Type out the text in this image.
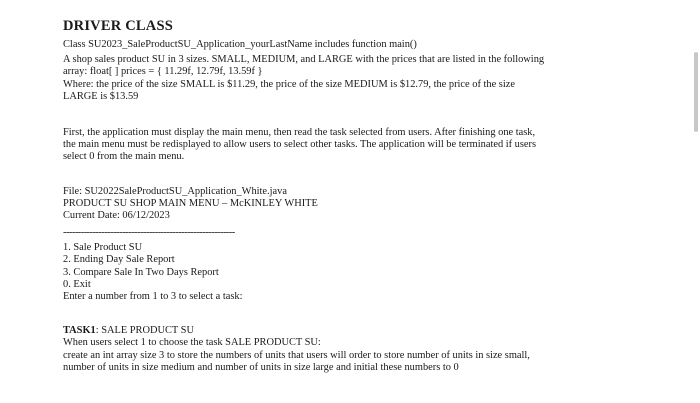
DRIVER CLASS
Class SU2023_SaleProductSU_Application_yourLastName includes function main()
A shop sales product SU in 3 sizes. SMALL, MEDIUM, and LARGE with the prices that are listed in the following
array: float[ ] prices = { 11.29f, 12.79f, 13.59f }
Where: the price of the size SMALL is $11.29, the price of the size MEDIUM is $12.79, the price of the size
LARGE is $13.59
First, the application must display the main menu, then read the task selected from users. After finishing one task,
the main menu must be redisplayed to allow users to select other tasks. The application will be terminated if users
select 0 from the main menu.
File: SU2022SaleProductSU_Application_White.java
PRODUCT SU SHOP MAIN MENU – McKINLEY WHITE
Current Date: 06/12/2023
----------------------------------------------------------
1. Sale Product SU
2. Ending Day Sale Report
3. Compare Sale In Two Days Report
0. Exit
Enter a number from 1 to 3 to select a task:
TASK1: SALE PRODUCT SU
When users select 1 to choose the task SALE PRODUCT SU:
create an int array size 3 to store the numbers of units that users will order to store number of units in size small,
number of units in size medium and number of units in size large and initial these numbers to 0
